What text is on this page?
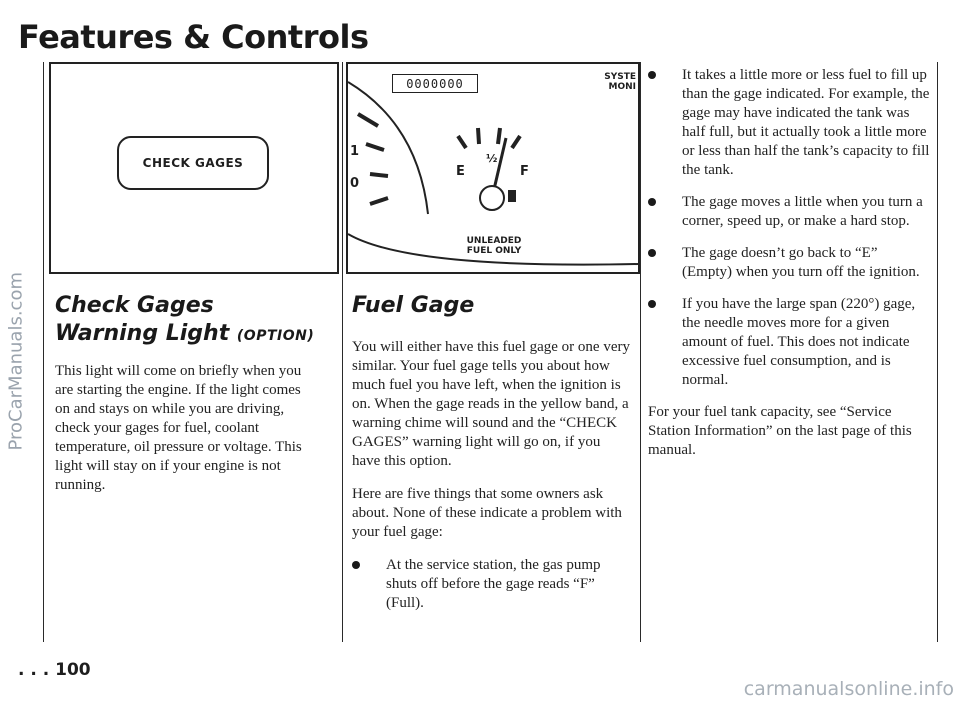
Features & Controls
ProCarManuals.com
CHECK GAGES
0000000	SYSTE
MONI
1
0
E
½
F
UNLEADED
FUEL ONLY
Check Gages Warning Light (OPTION)

This light will come on briefly when you are starting the engine. If the light comes on and stays on while you are driving, check your gages for fuel, coolant temperature, oil pressure or voltage. This light will stay on if your engine is not running.

Fuel Gage

You will either have this fuel gage or one very similar. Your fuel gage tells you about how much fuel you have left, when the ignition is on. When the gage reads in the yellow band, a warning chime will sound and the “CHECK GAGES” warning light will go on, if you have this option.

Here are five things that some owners ask about. None of these indicate a problem with your fuel gage:

At the service station, the gas pump shuts off before the gage reads “F” (Full).
It takes a little more or less fuel to fill up than the gage indicated. For example, the gage may have indicated the tank was half full, but it actually took a little more or less than half the tank’s capacity to fill the tank.
The gage moves a little when you turn a corner, speed up, or make a hard stop.
The gage doesn’t go back to “E” (Empty) when you turn off the ignition.
If you have the large span (220°) gage, the needle moves more for a given amount of fuel. This does not indicate excessive fuel consumption, and is normal.

For your fuel tank capacity, see “Service Station Information” on the last page of this manual.

. . . 100
carmanualsonline.info
